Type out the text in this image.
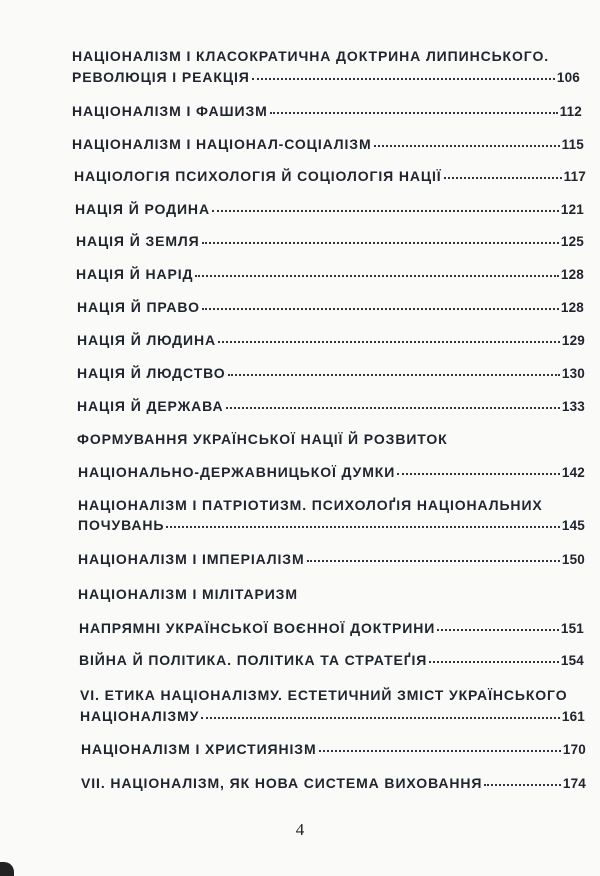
НАЦІОНАЛІЗМ І КЛАСОКРАТИЧНА ДОКТРИНА ЛИПИНСЬКОГО.
РЕВОЛЮЦІЯ І РЕАКЦІЯ	106
НАЦІОНАЛІЗМ І ФАШИЗМ	112
НАЦІОНАЛІЗМ І НАЦІОНАЛ-СОЦІАЛІЗМ	115
НАЦІОЛОГІЯ ПСИХОЛОГІЯ Й СОЦІОЛОГІЯ НАЦІЇ	117
НАЦІЯ Й РОДИНА	121
НАЦІЯ Й ЗЕМЛЯ	125
НАЦІЯ Й НАРІД	128
НАЦІЯ Й ПРАВО	128
НАЦІЯ Й ЛЮДИНА	129
НАЦІЯ Й ЛЮДСТВО	130
НАЦІЯ Й ДЕРЖАВА	133
ФОРМУВАННЯ УКРАЇНСЬКОЇ НАЦІЇ Й РОЗВИТОК
НАЦІОНАЛЬНО-ДЕРЖАВНИЦЬКОЇ ДУМКИ	142
НАЦІОНАЛІЗМ І ПАТРІОТИЗМ. ПСИХОЛОҐІЯ НАЦІОНАЛЬНИХ
ПОЧУВАНЬ	145
НАЦІОНАЛІЗМ І ІМПЕРІАЛІЗМ	150
НАЦІОНАЛІЗМ І МІЛІТАРИЗМ
НАПРЯМНІ УКРАЇНСЬКОЇ ВОЄННОЇ ДОКТРИНИ	151
ВІЙНА Й ПОЛІТИКА. ПОЛІТИКА ТА СТРАТЕҐІЯ	154
VI. ЕТИКА НАЦІОНАЛІЗМУ. ЕСТЕТИЧНИЙ ЗМІСТ УКРАЇНСЬКОГО
НАЦІОНАЛІЗМУ	161
НАЦІОНАЛІЗМ І ХРИСТИЯНІЗМ	170
VII. НАЦІОНАЛІЗМ, ЯК НОВА СИСТЕМА ВИХОВАННЯ	174
4
